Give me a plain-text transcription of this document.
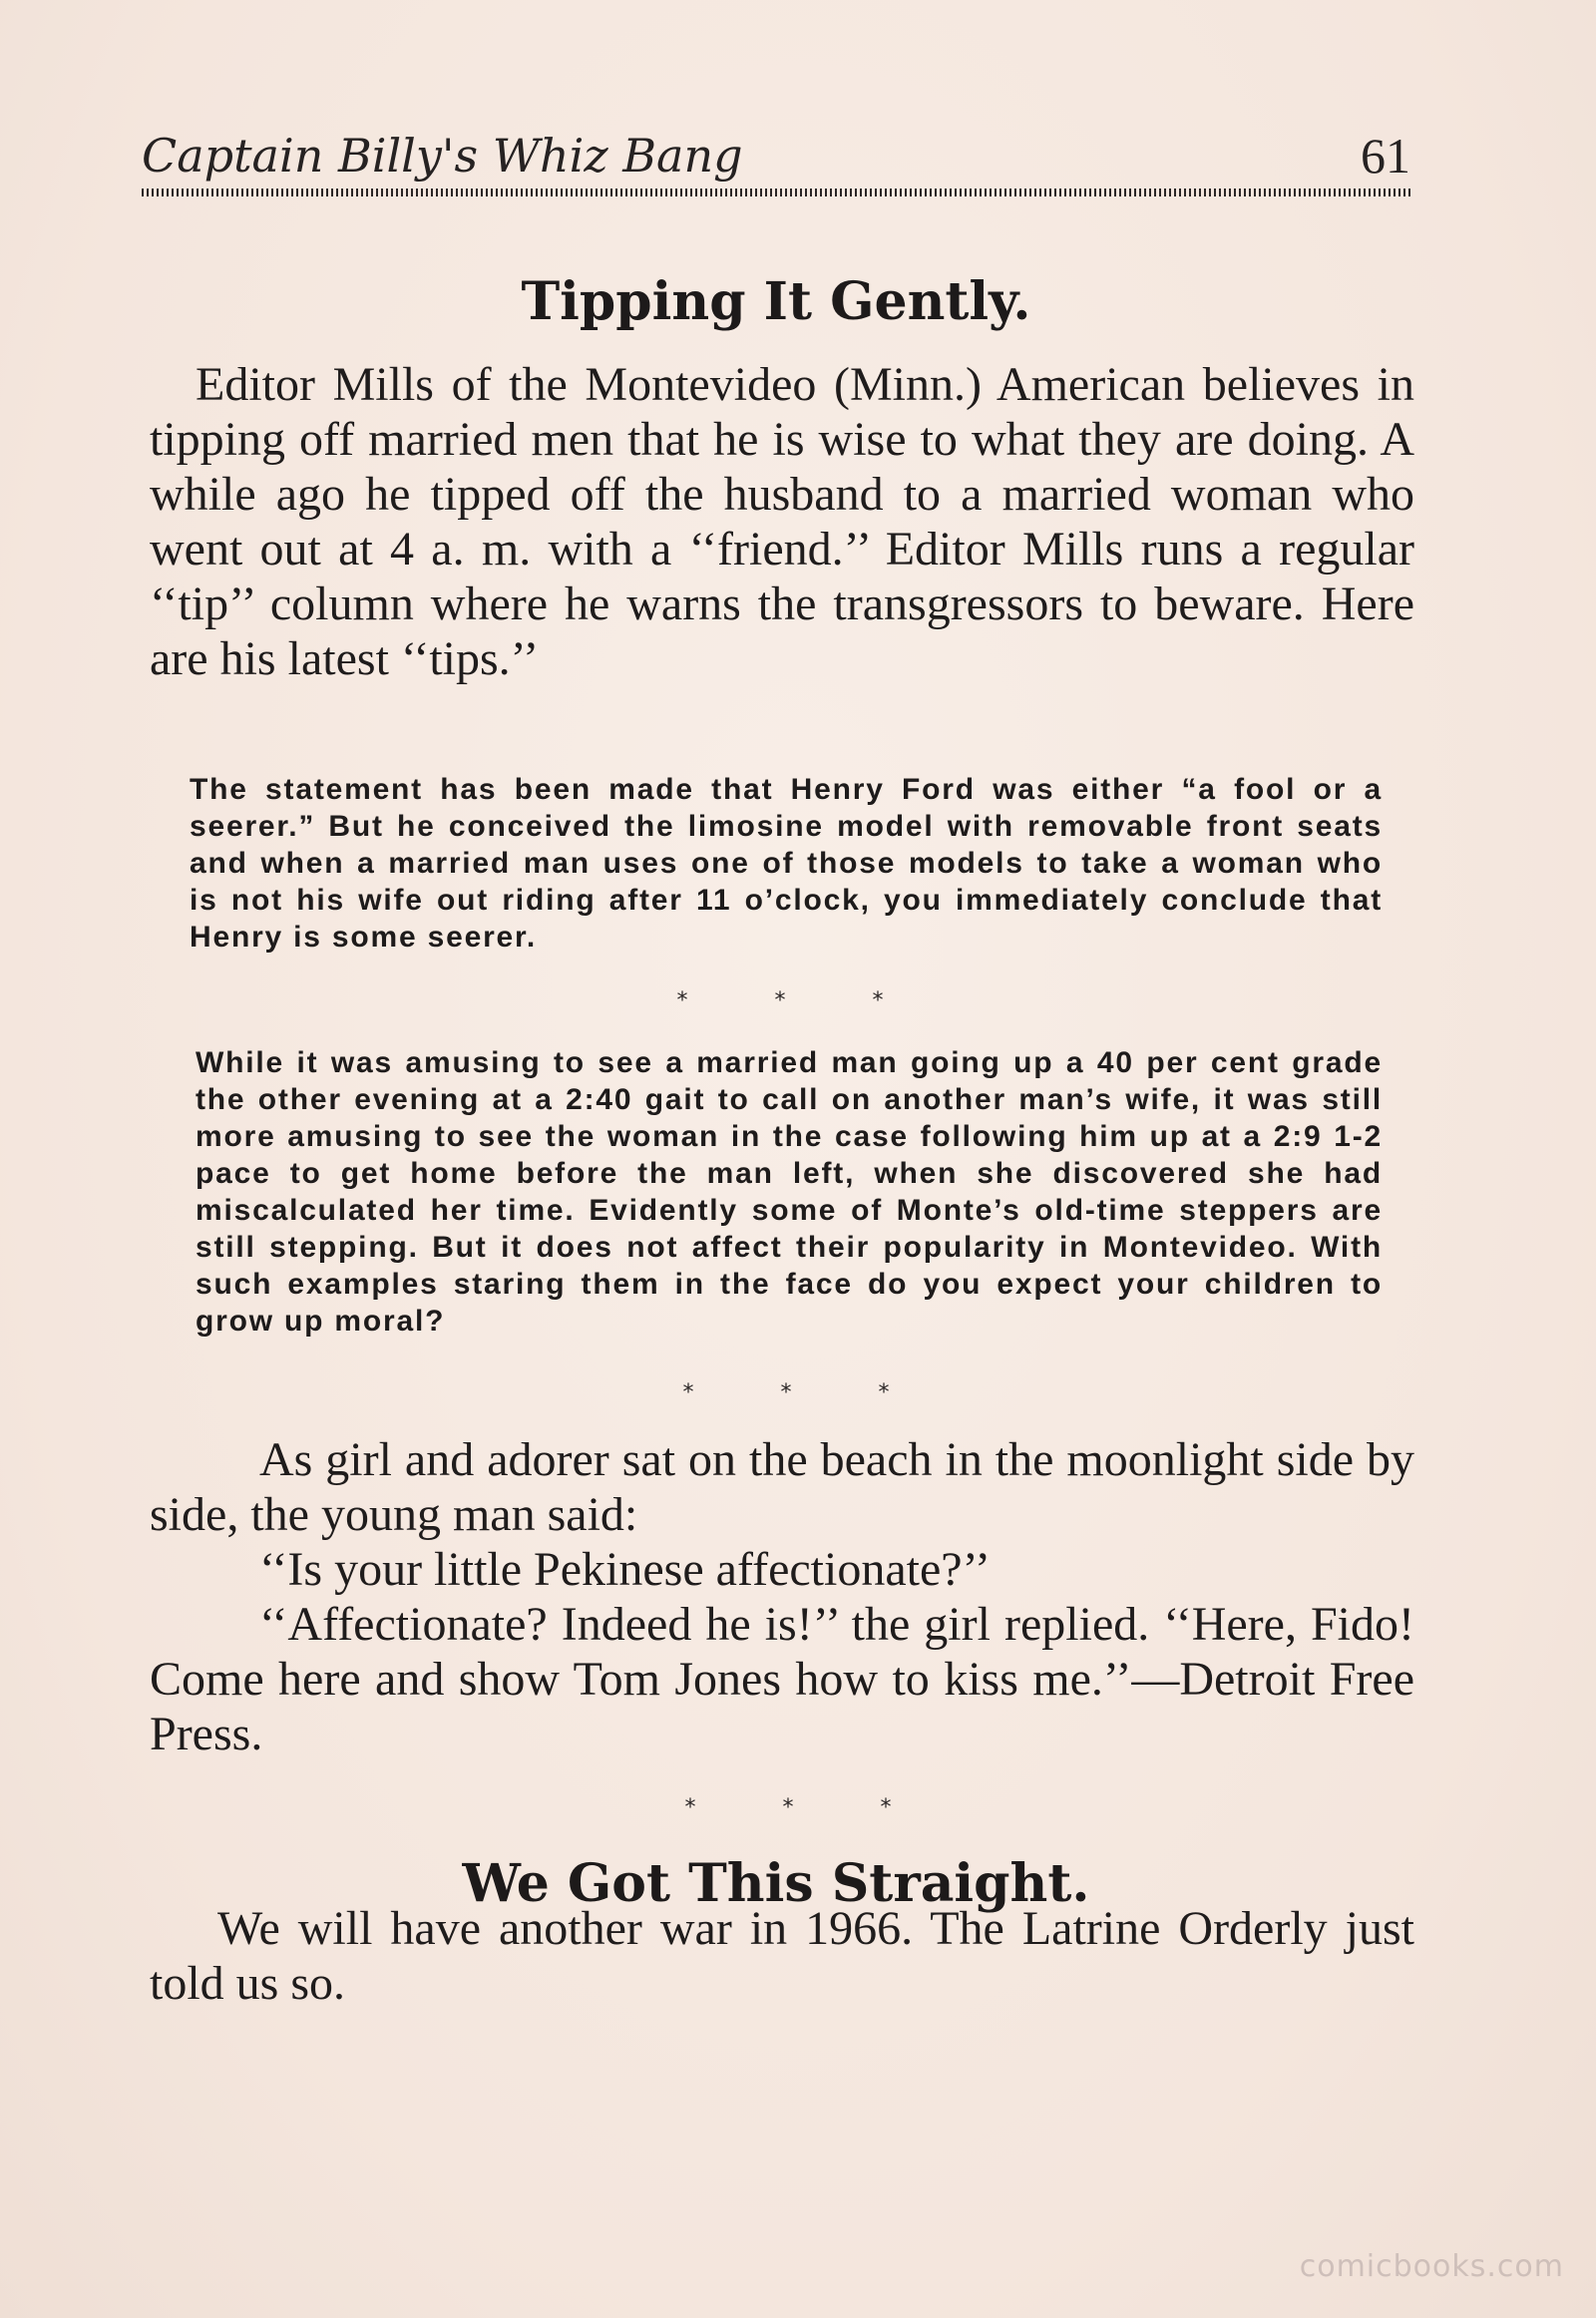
Captain Billy's Whiz Bang	61
Tipping It Gently.

Editor Mills of the Montevideo (Minn.) American believes in tipping off married men that he is wise to what they are doing. A while ago he tipped off the husband to a married woman who went out at 4 a. m. with a ‘‘friend.’’ Editor Mills runs a regular ‘‘tip’’ column where he warns the transgressors to beware. Here are his latest ‘‘tips.’’

The statement has been made that Henry Ford was either “a fool or a seerer.” But he conceived the limosine model with removable front seats and when a married man uses one of those models to take a woman who is not his wife out riding after 11 o’clock, you immediately conclude that Henry is some seerer.

*	*	*

While it was amusing to see a married man going up a 40 per cent grade the other evening at a 2:40 gait to call on another man’s wife, it was still more amusing to see the woman in the case following him up at a 2:9 1-2 pace to get home before the man left, when she discovered she had miscalculated her time. Evidently some of Monte’s old-time steppers are still stepping. But it does not affect their popularity in Montevideo. With such examples staring them in the face do you expect your children to grow up moral?

*	*	*

As girl and adorer sat on the beach in the moonlight side by side, the young man said:

‘‘Is your little Pekinese affectionate?’’

‘‘Affectionate? Indeed he is!’’ the girl replied. ‘‘Here, Fido! Come here and show Tom Jones how to kiss me.’’—Detroit Free Press.

*	*	*
We Got This Straight.

We will have another war in 1966. The Latrine Orderly just told us so.

comicbooks.com
